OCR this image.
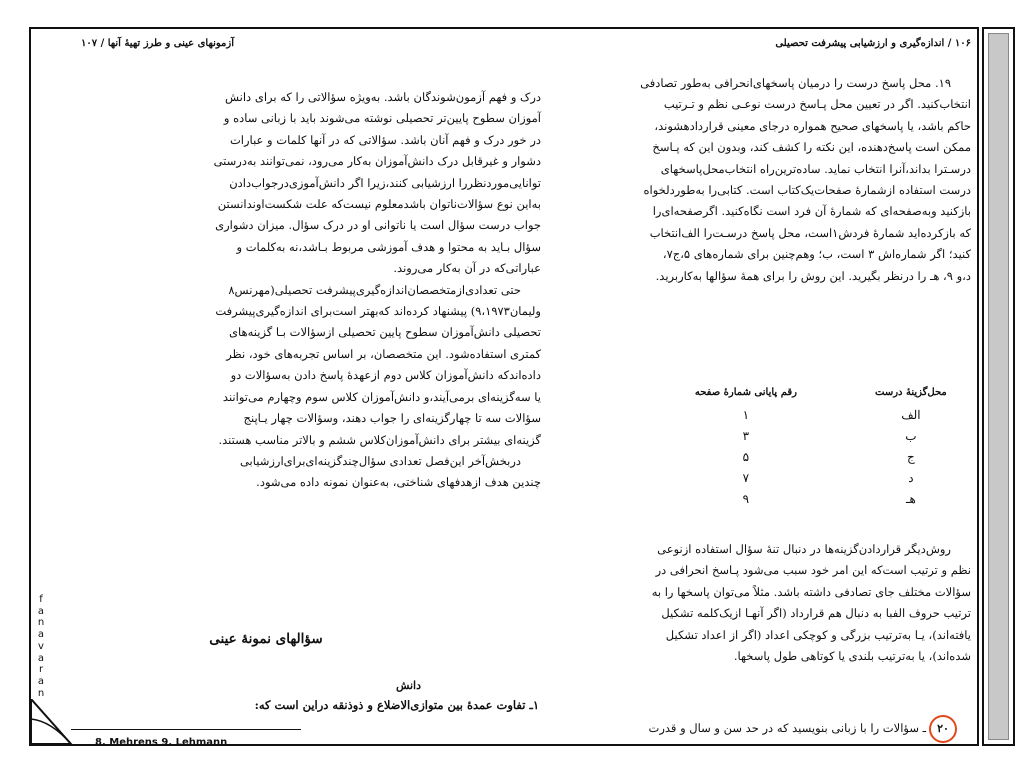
آزمونهای عینی و طرز تهیهٔ آنها / ۱۰۷

درک و فهم آزمون‌شوندگان باشد. به‌ویژه سؤالاتی را که برای دانش‌

آموزان سطوح پایین‌تر تحصیلی نوشته می‌شوند باید با زبانی ساده و

در خور درک و فهم آنان باشد. سؤالاتی که در آنها کلمات و عبارات

دشوار و غیرقابل درک دانش‌آموزان به‌کار می‌رود، نمی‌توانند به‌درستی

توانایی‌موردنظررا ارزشیابی کنند،زیرا اگر دانش‌آموزی‌درجواب‌دادن

به‌این نوع سؤالات‌ناتوان باشدمعلوم نیست‌که علت شکست‌اوندانستن

جواب درست سؤال است یا ناتوانی او در درک سؤال. میزان دشواری

سؤال بـاید به محتوا و هدف آموزشی مربوط بـاشد،نه به‌کلمات و

عباراتی‌که در آن به‌کار می‌روند.

حتی تعدادی‌ازمتخصصان‌اندازه‌گیری‌پیشرفت تحصیلی(مهرنس۸

ولیمان۹،۱۹۷۳) پیشنهاد کرده‌اند که‌بهتر است‌برای اندازه‌گیری‌پیشرفت

تحصیلی دانش‌آموزان سطوح پایین تحصیلی ازسؤالات بـا گزینه‌های

کمتری استفاده‌شود. این متخصصان، بر اساس تجربه‌های خود، نظر

داده‌اند‌که دانش‌آموزان کلاس دوم ازعهدهٔ پاسخ دادن به‌سؤالات دو

یا سه‌گزینه‌ای برمی‌آیند،و دانش‌آموزان کلاس سوم وچهارم می‌توانند

سؤالات سه تا چهارگزینه‌ای را جواب دهند، وسؤالات چهار یـا‌پنج

گزینه‌ای بیشتر برای دانش‌آموزان‌کلاس ششم و بالاتر مناسب هستند.

دربخش‌آخر این‌فصل تعدادی سؤال‌چندگزینه‌ای‌برای‌ارزشیابی

چندین هدف ازهدفهای شناختی، به‌عنوان نمونه داده می‌شود.

سؤالهای نمونهٔ عینی
دانش
۱ـ تفاوت عمدهٔ بین متوازی‌الاضلاع و ذوذنقه دراین است که:
8. Mehrens 9. Lehmann
۱۰۶ / اندازه‌گیری و ارزشیابی پیشرفت تحصیلی

۱۹. محل پاسخ درست را درمیان پاسخهای‌انحرافی به‌طور تصادفی

انتخاب‌کنید. اگر در تعیین محل پـاسخ درست نوعـی نظم و تـرتیب

حاکم باشد، یا پاسخهای صحیح همواره درجای معینی قراردادهشوند،

ممکن است پاسخ‌دهنده، این نکته را کشف کند، وبدون این که پـاسخ

درسـترا بداند،آنرا انتخاب نماید. ساده‌ترین‌راه انتخاب‌محل‌پاسخهای

درست استفاده ازشمارهٔ صفحات‌یک‌کتاب است. کتابی‌را به‌طوردلخواه

بازکنید وبه‌صفحه‌ای که شمارهٔ آن فرد است نگاه‌کنید. اگرصفحه‌ای‌را

که بازکرده‌اید شمارهٔ فردش۱است، محل پاسخ درسـت‌را الف‌انتخاب

کنید؛ اگر شماره‌اش ۳ است، ب؛ وهم‌چنین برای شماره‌های ۵،ج۷،

د،و ۹، هـ را درنظر بگیرید. این روش را برای همهٔ سؤالها به‌کاربرید.

محل‌گزینهٔ درست	رقم پایانی شمارهٔ صفحه
الف	۱
ب	۳
ج	۵
د	۷
هـ	۹

روش‌دیگر قراردادن‌گزینه‌ها در دنبال تنهٔ سؤال استفاده ازنوعی

نظم و ترتیب است‌که این امر خود سبب می‌شود پـاسخ انحرافی در

سؤالات مختلف جای تصادفی داشته باشد. مثلاً می‌توان پاسخها را به

ترتیب حروف الفبا به دنبال هم قرارداد (اگر آنهـا ازیک‌کلمه تشکیل

یافته‌اند)، یـا به‌ترتیب بزرگی و کوچکی اعداد (اگر از اعداد تشکیل

شده‌اند)، یا به‌ترتیب بلندی یا کوتاهی طول پاسخها.

۲۰ـ سؤالات را با زبانی بنویسید که در حد سن و سال و قدرت
f
a
n
a
v
a
r
a
n
